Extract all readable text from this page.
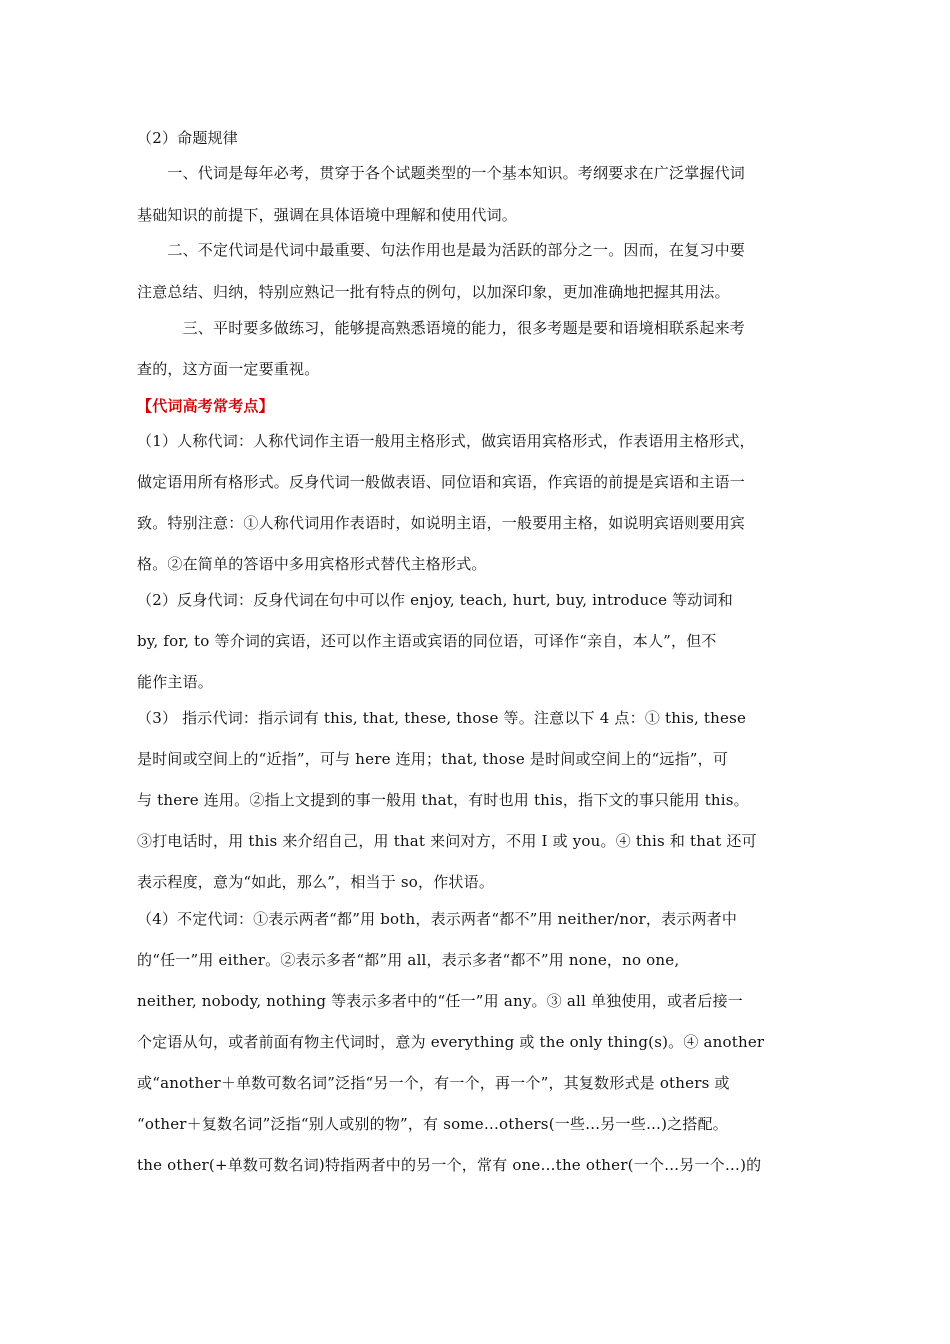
（2）命题规律
　　一、代词是每年必考，贯穿于各个试题类型的一个基本知识。考纲要求在广泛掌握代词
基础知识的前提下，强调在具体语境中理解和使用代词。
　　二、不定代词是代词中最重要、句法作用也是最为活跃的部分之一。因而，在复习中要
注意总结、归纳，特别应熟记一批有特点的例句，以加深印象，更加准确地把握其用法。
　　　三、平时要多做练习，能够提高熟悉语境的能力，很多考题是要和语境相联系起来考
查的，这方面一定要重视。
【代词高考常考点】
（1）人称代词：人称代词作主语一般用主格形式，做宾语用宾格形式，作表语用主格形式，
做定语用所有格形式。反身代词一般做表语、同位语和宾语，作宾语的前提是宾语和主语一
致。特别注意：①人称代词用作表语时，如说明主语，一般要用主格，如说明宾语则要用宾
格。②在简单的答语中多用宾格形式替代主格形式。
（2）反身代词：反身代词在句中可以作 enjoy, teach, hurt, buy, introduce 等动词和
by, for, to 等介词的宾语，还可以作主语或宾语的同位语，可译作“亲自，本人”，但不
能作主语。
（3） 指示代词：指示词有 this, that, these, those 等。注意以下 4 点：① this, these
是时间或空间上的“近指”，可与 here 连用；that, those 是时间或空间上的“远指”，可
与 there 连用。②指上文提到的事一般用 that，有时也用 this，指下文的事只能用 this。
③打电话时，用 this 来介绍自己，用 that 来问对方，不用 I 或 you。④ this 和 that 还可
表示程度，意为“如此，那么”，相当于 so，作状语。
（4）不定代词：①表示两者“都”用 both，表示两者“都不”用 neither/nor，表示两者中
的“任一”用 either。②表示多者“都”用 all，表示多者“都不”用 none，no one,
neither, nobody, nothing 等表示多者中的“任一”用 any。③ all 单独使用，或者后接一
个定语从句，或者前面有物主代词时，意为 everything 或 the only thing(s)。④ another
或“another＋单数可数名词”泛指“另一个，有一个，再一个”，其复数形式是 others 或
“other＋复数名词”泛指“别人或别的物”，有 some…others(一些…另一些…)之搭配。
the other(+单数可数名词)特指两者中的另一个，常有 one…the other(一个…另一个…)的
